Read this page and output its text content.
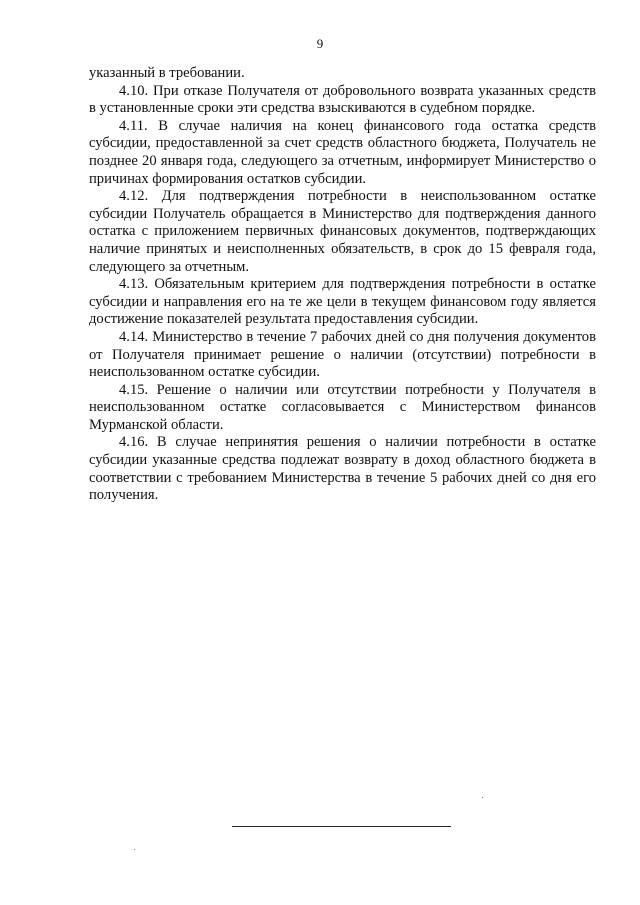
9

указанный в требовании.

4.10. При отказе Получателя от добровольного возврата указанных средств в установленные сроки эти средства взыскиваются в судебном порядке.

4.11. В случае наличия на конец финансового года остатка средств субсидии, предоставленной за счет средств областного бюджета, Получатель не позднее 20 января года, следующего за отчетным, информирует Министерство о причинах формирования остатков субсидии.

4.12. Для подтверждения потребности в неиспользованном остатке субсидии Получатель обращается в Министерство для подтверждения данного остатка с приложением первичных финансовых документов, подтверждающих наличие принятых и неисполненных обязательств, в срок до 15 февраля года, следующего за отчетным.

4.13. Обязательным критерием для подтверждения потребности в остатке субсидии и направления его на те же цели в текущем финансовом году является достижение показателей результата предоставления субсидии.

4.14. Министерство в течение 7 рабочих дней со дня получения документов от Получателя принимает решение о наличии (отсутствии) потребности в неиспользованном остатке субсидии.

4.15. Решение о наличии или отсутствии потребности у Получателя в неиспользованном остатке согласовывается с Министерством финансов Мурманской области.

4.16. В случае непринятия решения о наличии потребности в остатке субсидии указанные средства подлежат возврату в доход областного бюджета в соответствии с требованием Министерства в течение 5 рабочих дней со дня его получения.
